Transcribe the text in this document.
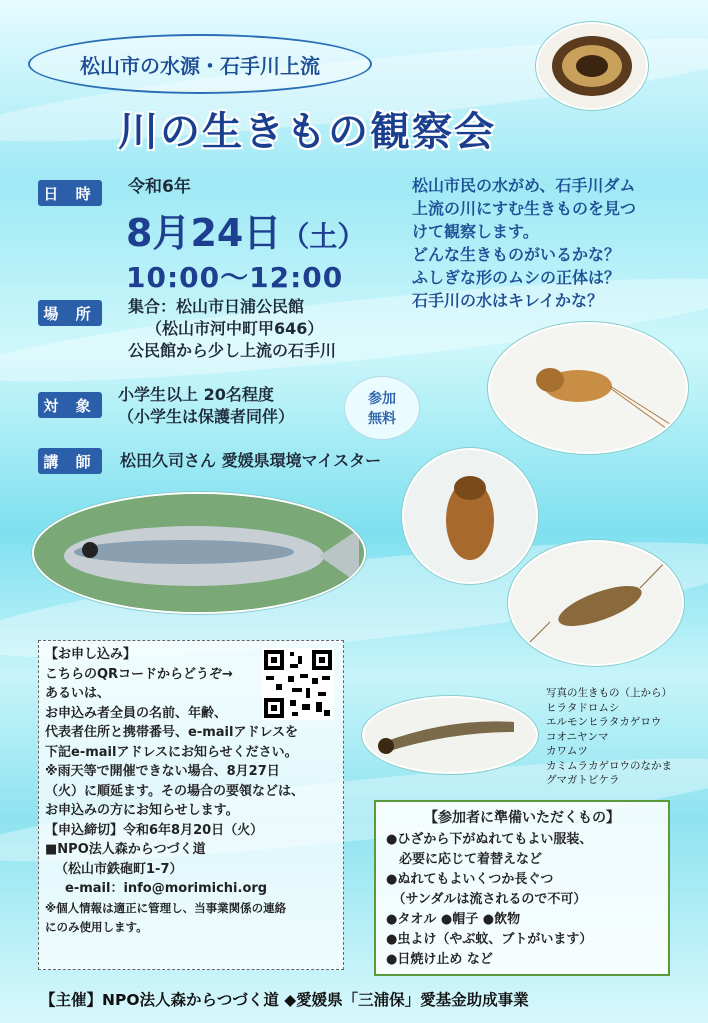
松山市の水源・石手川上流
川の生きもの観察会
日 時	令和6年
8月24日（土）
10:00〜12:00
松山市民の水がめ、石手川ダム
上流の川にすむ生きものを見つ
けて観察します。
どんな生きものがいるかな？
ふしぎな形のムシの正体は？
石手川の水はキレイかな？
場 所	集合：松山市日浦公民館
（松山市河中町甲646）
公民館から少し上流の石手川
対 象
小学生以上 20名程度
（小学生は保護者同伴）
参加
無料
講 師	松田久司さん 愛媛県環境マイスター
写真の生きもの（上から）
ヒラタドロムシ
エルモンヒラタカゲロウ
コオニヤンマ
カワムツ
カミムラカゲロウのなかま
グマガトビケラ
【お申し込み】
こちらのQRコードからどうぞ→
あるいは、
お申込み者全員の名前、年齢、
代表者住所と携帯番号、e-mailアドレスを
下記e-mailアドレスにお知らせください。
※雨天等で開催できない場合、8月27日
（火）に順延ます。その場合の要領などは、
お申込みの方にお知らせします。
【申込締切】令和6年8月20日（火）
■NPO法人森からつづく道
（松山市鉄砲町1-7）
e-mail：info@morimichi.org
※個人情報は適正に管理し、当事業関係の連絡
にのみ使用します。
【参加者に準備いただくもの】
●ひざから下がぬれてもよい服装、
　必要に応じて着替えなど
●ぬれてもよいくつか長ぐつ
　（サンダルは流されるので不可）
●タオル ●帽子 ●飲物
●虫よけ（やぶ蚊、ブトがいます）
●日焼け止め など
【主催】NPO法人森からつづく道 ◆愛媛県「三浦保」愛基金助成事業
